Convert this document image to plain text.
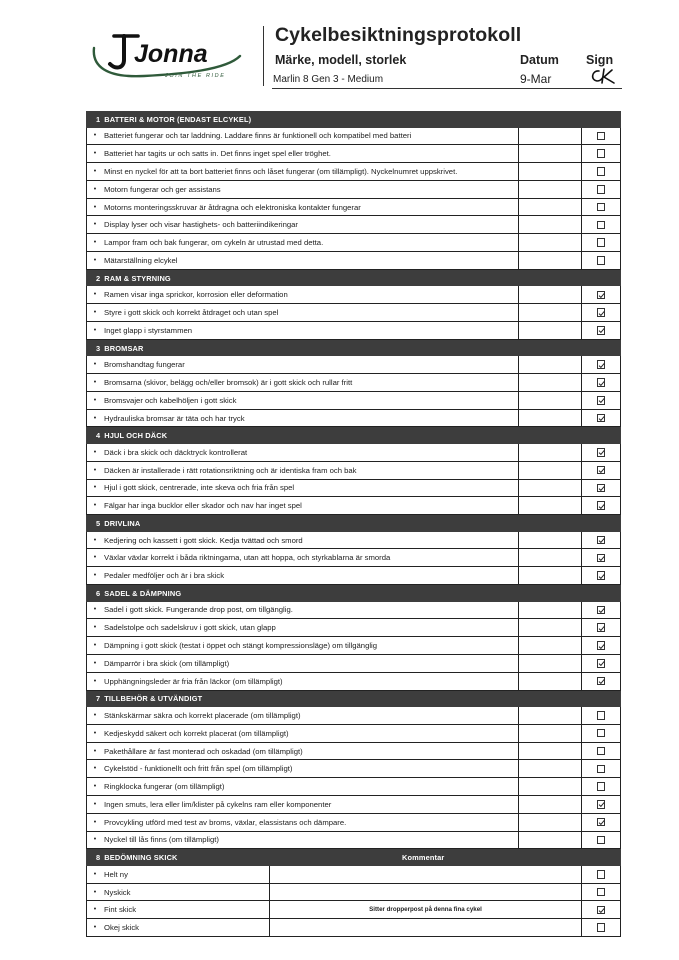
Jonna
JOIN THE RIDE
Cykelbesiktningsprotokoll
Märke, modell, storlek
Marlin 8 Gen 3 - Medium
Datum Sign
9-Mar
1 BATTERI & MOTOR (ENDAST ELCYKEL)
•	Batteriet fungerar och tar laddning. Laddare finns är funktionell och kompatibel med batteri
•	Batteriet har tagits ur och satts in. Det finns inget spel eller tröghet.
•	Minst en nyckel för att ta bort batteriet finns och låset fungerar (om tillämpligt). Nyckelnumret uppskrivet.
•	Motorn fungerar och ger assistans
•	Motorns monteringsskruvar är åtdragna och elektroniska kontakter fungerar
•	Display lyser och visar hastighets- och batteriindikeringar
•	Lampor fram och bak fungerar, om cykeln är utrustad med detta.
•	Mätarställning elcykel
2 RAM & STYRNING
•	Ramen visar inga sprickor, korrosion eller deformation
•	Styre i gott skick och korrekt åtdraget och utan spel
•	Inget glapp i styrstammen
3 BROMSAR
•	Bromshandtag fungerar
•	Bromsarna (skivor, belägg och/eller bromsok) är i gott skick och rullar fritt
•	Bromsvajer och kabelhöljen i gott skick
•	Hydrauliska bromsar är täta och har tryck
4 HJUL OCH DÄCK
•	Däck i bra skick och däcktryck kontrollerat
•	Däcken är installerade i rätt rotationsriktning och är identiska fram och bak
•	Hjul i gott skick, centrerade, inte skeva och fria från spel
•	Fälgar har inga bucklor eller skador och nav har inget spel
5 DRIVLINA
•	Kedjering och kassett i gott skick. Kedja tvättad och smord
•	Växlar växlar korrekt i båda riktningarna, utan att hoppa, och styrkablarna är smorda
•	Pedaler medföljer och är i bra skick
6 SADEL & DÄMPNING
•	Sadel i gott skick. Fungerande drop post, om tillgänglig.
•	Sadelstolpe och sadelskruv i gott skick, utan glapp
•	Dämpning i gott skick (testat i öppet och stängt kompressionsläge) om tillgänglig
•	Dämparrör i bra skick (om tillämpligt)
•	Upphängningsleder är fria från läckor (om tillämpligt)
7 TILLBEHÖR & UTVÄNDIGT
•	Stänkskärmar säkra och korrekt placerade (om tillämpligt)
•	Kedjeskydd säkert och korrekt placerat (om tillämpligt)
•	Pakethållare är fast monterad och oskadad (om tillämpligt)
•	Cykelstöd - funktionellt och fritt från spel (om tillämpligt)
•	Ringklocka fungerar (om tillämpligt)
•	Ingen smuts, lera eller lim/klister på cykelns ram eller komponenter
•	Provcykling utförd med test av broms, växlar, elassistans och dämpare.
•	Nyckel till lås finns (om tillämpligt)
8 BEDÖMNING SKICK	Kommentar
•	Helt ny
•	Nyskick
•	Fint skick	Sitter dropperpost på denna fina cykel
•	Okej skick
